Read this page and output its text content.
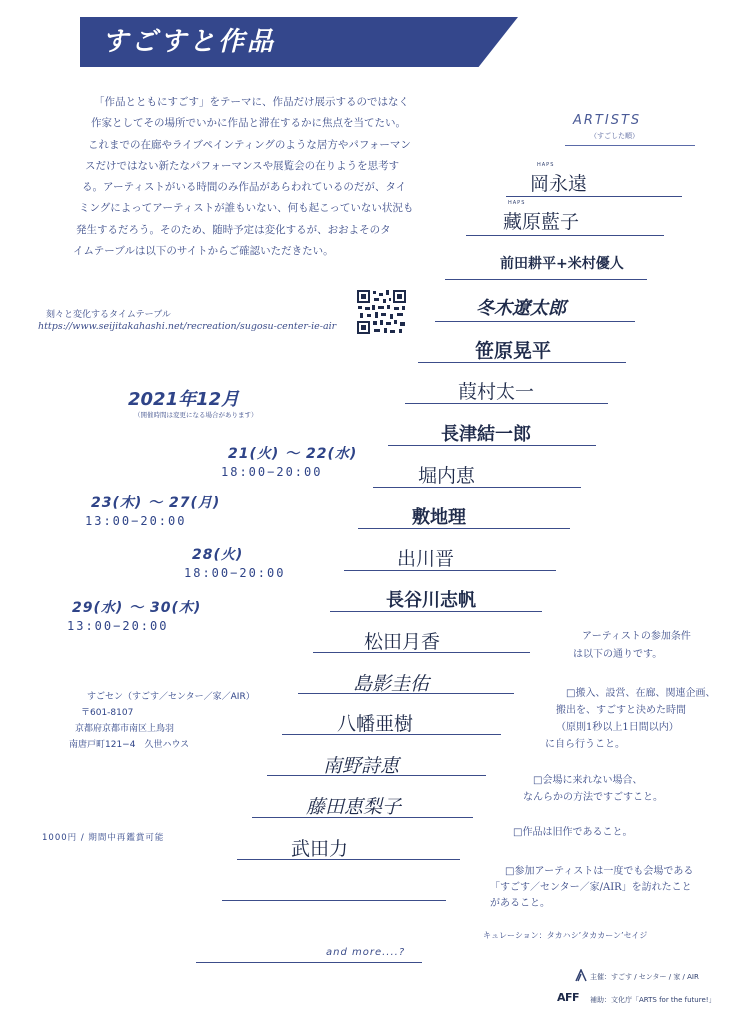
すごすと作品
「作品とともにすごす」をテーマに、作品だけ展示するのではなく
作家としてその場所でいかに作品と滞在するかに焦点を当てたい。
これまでの在廊やライブペインティングのような居方やパフォーマン
スだけではない新たなパフォーマンスや展覧会の在りようを思考す
る。アーティストがいる時間のみ作品があらわれているのだが、タイ
ミングによってアーティストが誰もいない、何も起こっていない状況も
発生するだろう。そのため、随時予定は変化するが、おおよそのタ
イムテーブルは以下のサイトからご確認いただきたい。
刻々と変化するタイムテーブル
https://www.seijitakahashi.net/recreation/sugosu-center-ie-air
2021年12月
（開催時間は変更になる場合があります）
21(火) 〜 22(水)
18:00−20:00
23(木) 〜 27(月)
13:00−20:00
28(火)
18:00−20:00
29(水) 〜 30(木)
13:00−20:00
ARTISTS
（すごした順）
HAPS
岡永遠
HAPS
藏原藍子
前田耕平+米村優人
冬木遼太郎
笹原晃平
葭村太一
長津結一郎
堀内恵
敷地理
出川晋
長谷川志帆
松田月香
島影圭佑
八幡亜樹
南野詩恵
藤田恵梨子
武田力
and more....?
すごセン（すごす／センター／家／AIR）
〒601-8107
京都府京都市南区上鳥羽
南唐戸町121−4　久世ハウス
1000円 / 期間中再鑑賞可能
アーティストの参加条件
は以下の通りです。
□搬入、設営、在廊、関連企画、
搬出を、すごすと決めた時間
（原則1秒以上1日間以内）
に自ら行うこと。
□会場に来れない場合、
なんらかの方法ですごすこと。
□作品は旧作であること。
□参加アーティストは一度でも会場である
「すごす／センター／家/AIR」を訪れたこと
があること。
キュレーション：タカハシ’タカカーン’セイジ
主催：すごす / センター / 家 / AIR
AFF 補助：文化庁「ARTS for the future!」
